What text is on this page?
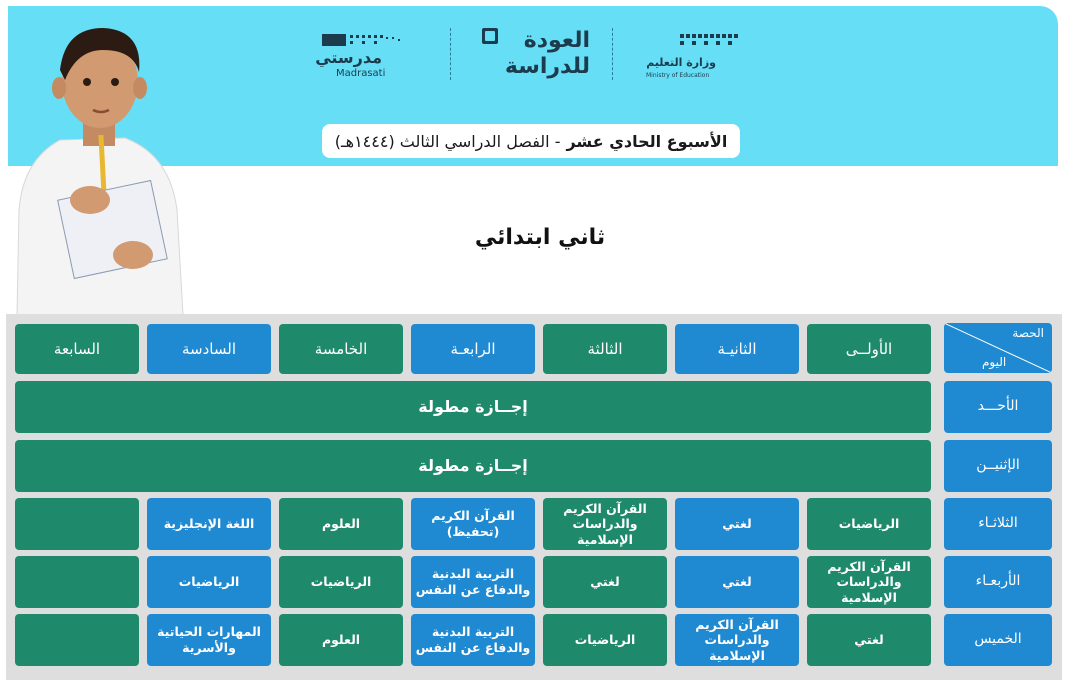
وزارة التعليم
Ministry of Education
العودة
للدراسة
مدرستي
Madrasati
الأسبوع الحادي عشر
- الفصل الدراسي الثالث (١٤٤٤هـ)
ثاني ابتدائي
الحصة
اليوم
الأولــى
الثانيـة
الثالثة
الرابعـة
الخامسة
السادسة
السابعة
الأحـــد
إجــازة مطولة
الإثنيــن
إجــازة مطولة
الثلاثـاء
الرياضيات
لغتي
القرآن الكريم والدراسات الإسلامية
القرآن الكريم (تحفيظ)
العلوم
اللغة الإنجليزية
الأربعـاء
القرآن الكريم والدراسات الإسلامية
لغتي
لغتي
التربية البدنية والدفاع عن النفس
الرياضيات
الرياضيات
الخميس
لغتي
القرآن الكريم والدراسات الإسلامية
الرياضيات
التربية البدنية والدفاع عن النفس
العلوم
المهارات الحياتية والأسرية
